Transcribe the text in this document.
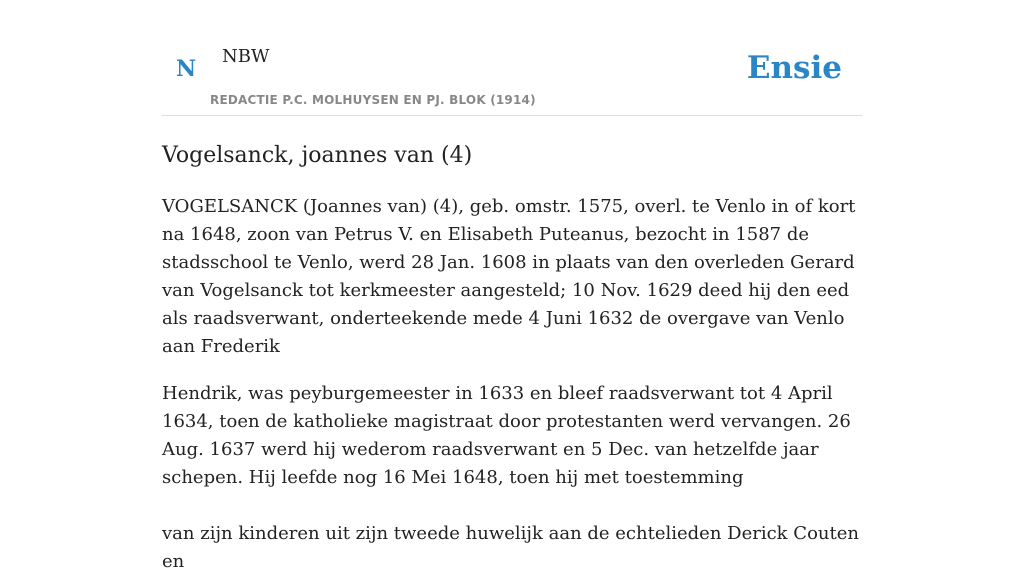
N NBW
REDACTIE P.C. MOLHUYSEN EN PJ. BLOK (1914)
Ensie
Vogelsanck, joannes van (4)

VOGELSANCK (Joannes van) (4), geb. omstr. 1575, overl. te Venlo in of kort na 1648, zoon van Petrus V. en Elisabeth Puteanus, bezocht in 1587 de stadsschool te Venlo, werd 28 Jan. 1608 in plaats van den overleden Gerard van Vogelsanck tot kerkmeester aangesteld; 10 Nov. 1629 deed hij den eed als raadsverwant, onderteekende mede 4 Juni 1632 de overgave van Venlo aan Frederik

Hendrik, was peyburgemeester in 1633 en bleef raadsverwant tot 4 April 1634, toen de katholieke magistraat door protestanten werd vervangen. 26 Aug. 1637 werd hij wederom raadsverwant en 5 Dec. van hetzelfde jaar schepen. Hij leefde nog 16 Mei 1648, toen hij met toestemming

van zijn kinderen uit zijn tweede huwelijk aan de echtelieden Derick Couten en
